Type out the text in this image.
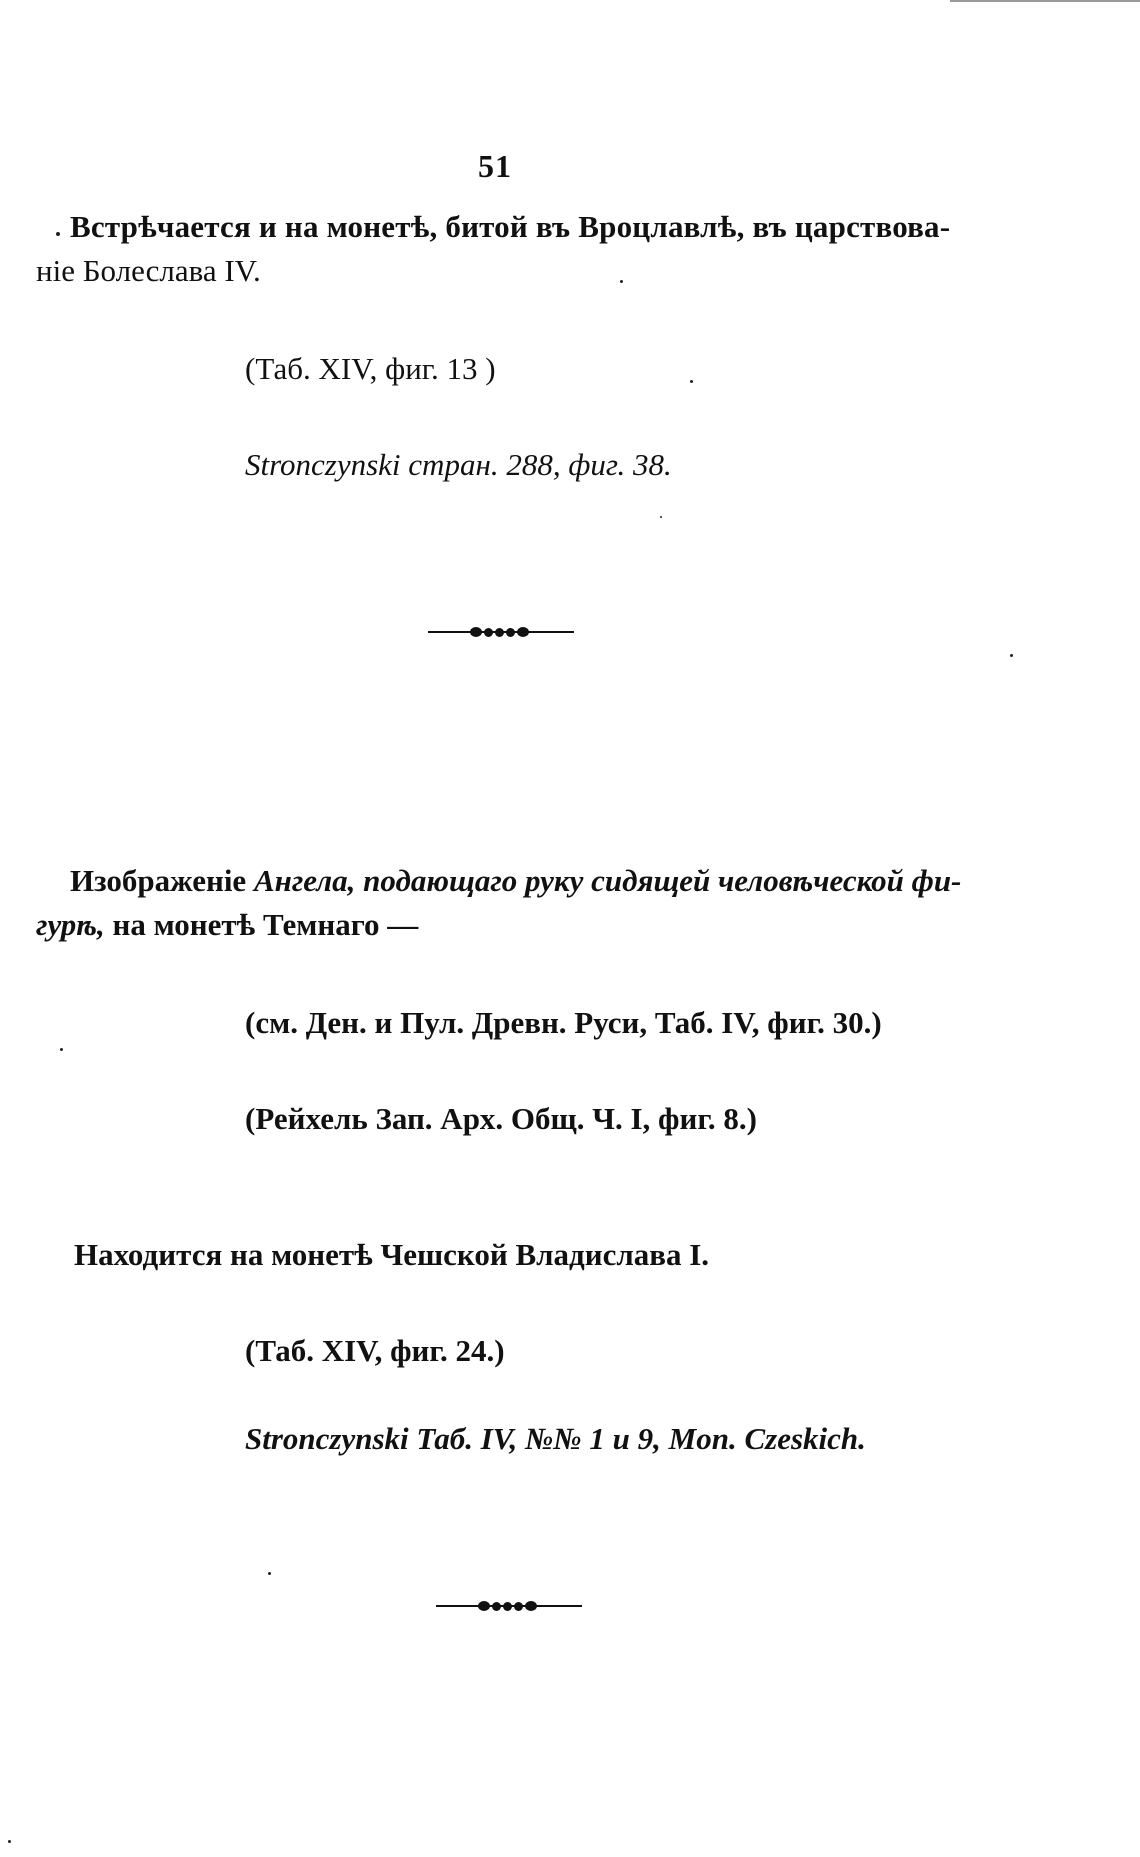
51
Встрѣчается и на монетѣ, битой въ Вроцлавлѣ, въ царствова-
ніе Болеслава IV.
(Таб. XIV, фиг. 13 )
Stronczynski стран. 288, фиг. 38.
Изображеніе Ангела, подающаго руку сидящей человѣческой фи-
гурѣ, на монетѣ Темнаго —
(см. Ден. и Пул. Древн. Руси, Таб. IV, фиг. 30.)
(Рейхель Зап. Арх. Общ. Ч. I, фиг. 8.)
Находится на монетѣ Чешской Владислава I.
(Таб. XIV, фиг. 24.)
Stronczynski Таб. IV, №№ 1 и 9, Mon. Czeskich.
